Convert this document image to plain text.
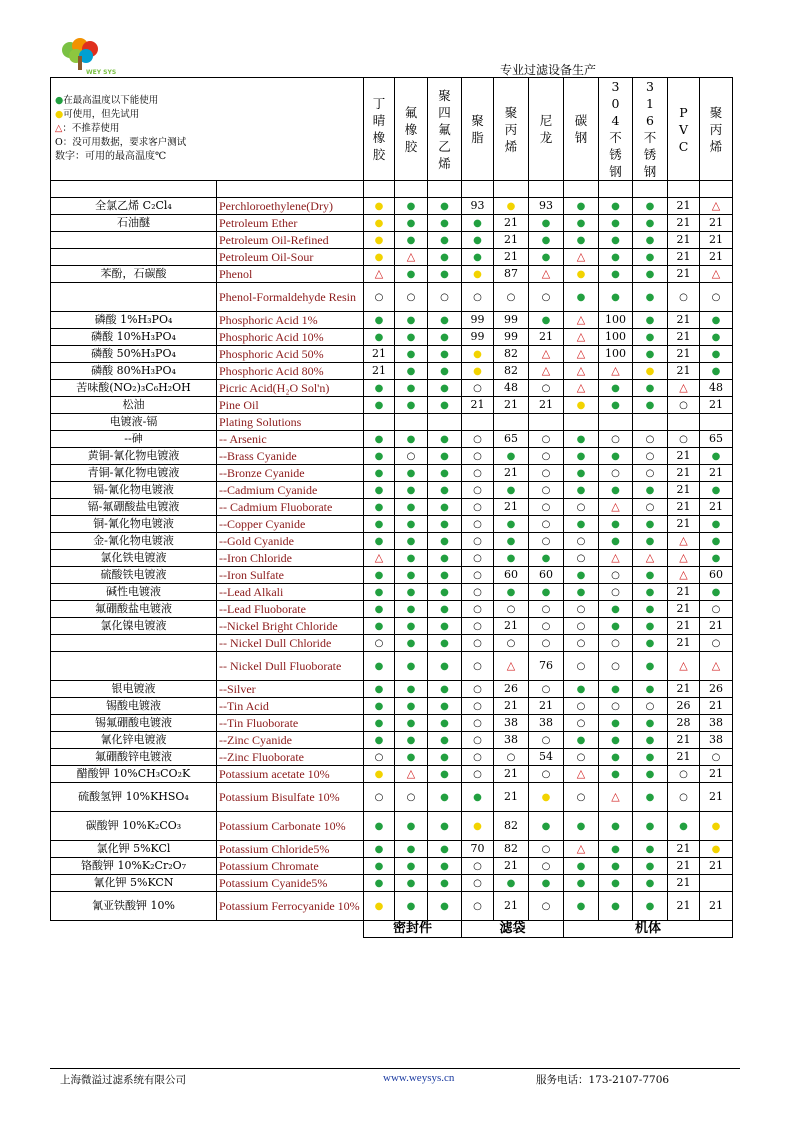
WEY SYS	专业过滤设备生产
●在最高温度以下能使用
●可使用，但先试用
△：不推荐使用
O：没可用数据，要求客户测试
数字：可用的最高温度℃		丁晴橡胶	氟橡胶	聚四氟乙烯	聚脂	聚丙烯	尼龙	碳钢	304不锈钢	316不锈钢	PVC	聚丙烯

全氯乙烯 C₂Cl₄	Perchloroethylene(Dry)	●	●	●	93	●	93	●	●	●	21	△
石油醚	Petroleum Ether	●	●	●	●	21	●	●	●	●	21	21
	Petroleum Oil-Refined	●	●	●	●	21	●	●	●	●	21	21
	Petroleum Oil-Sour	●	△	●	●	21	●	△	●	●	21	21
苯酚，石碳酸	Phenol	△	●	●	●	87	△	●	●	●	21	△
	Phenol-Formaldehyde Resin	○	○	○	○	○	○	●	●	●	○	○
磷酸 1%H₃PO₄	Phosphoric Acid 1%	●	●	●	99	99	●	△	100	●	21	●
磷酸 10%H₃PO₄	Phosphoric Acid 10%	●	●	●	99	99	21	△	100	●	21	●
磷酸 50%H₃PO₄	Phosphoric Acid 50%	21	●	●	●	82	△	△	100	●	21	●
磷酸 80%H₃PO₄	Phosphoric Acid 80%	21	●	●	●	82	△	△	△	●	21	●
苦味酸(NO₂)₃C₆H₂OH	Picric Acid(H₂O Sol'n)	●	●	●	○	48	○	△	●	●	△	48
松油	Pine Oil	●	●	●	21	21	21	●	●	●	○	21
电镀液-镉	Plating Solutions											
--砷	-- Arsenic	●	●	●	○	65	○	●	○	○	○	65
黄铜-氰化物电镀液	--Brass Cyanide	●	○	●	○	●	○	●	●	○	21	●
青铜-氰化物电镀液	--Bronze Cyanide	●	●	●	○	21	○	●	○	○	21	21
镉-氰化物电镀液	--Cadmium Cyanide	●	●	●	○	●	○	●	●	●	21	●
镉-氟硼酸盐电镀液	-- Cadmium Fluoborate	●	●	●	○	21	○	○	△	○	21	21
铜-氰化物电镀液	--Copper Cyanide	●	●	●	○	●	○	●	●	●	21	●
金-氰化物电镀液	--Gold Cyanide	●	●	●	○	●	○	○	●	●	△	●
氯化铁电镀液	--Iron Chloride	△	●	●	○	●	●	○	△	△	△	●
硫酸铁电镀液	--Iron Sulfate	●	●	●	○	60	60	●	○	●	△	60
碱性电镀液	--Lead Alkali	●	●	●	○	●	●	●	○	●	21	●
氟硼酸盐电镀液	--Lead Fluoborate	●	●	●	○	○	○	○	●	●	21	○
氯化镍电镀液	--Nickel Bright Chloride	●	●	●	○	21	○	○	●	●	21	21
	-- Nickel Dull Chloride	○	●	●	○	○	○	○	○	●	21	○
	-- Nickel Dull Fluoborate	●	●	●	○	△	76	○	○	●	△	△
银电镀液	--Silver	●	●	●	○	26	○	●	●	●	21	26
锡酸电镀液	--Tin Acid	●	●	●	○	21	21	○	○	○	26	21
锡氟硼酸电镀液	--Tin Fluoborate	●	●	●	○	38	38	○	●	●	28	38
氰化锌电镀液	--Zinc Cyanide	●	●	●	○	38	○	●	●	●	21	38
氟硼酸锌电镀液	--Zinc Fluoborate	○	●	●	○	○	54	○	●	●	21	○
醋酸钾 10%CH₃CO₂K	Potassium acetate 10%	●	△	●	○	21	○	△	●	●	○	21
硫酸氢钾 10%KHSO₄	Potassium Bisulfate 10%	○	○	●	●	21	●	○	△	●	○	21
碳酸钾 10%K₂CO₃	Potassium Carbonate 10%	●	●	●	●	82	●	●	●	●	●	●
氯化钾 5%KCl	Potassium Chloride5%	●	●	●	70	82	○	△	●	●	21	●
铬酸钾 10%K₂Cr₂O₇	Potassium Chromate	●	●	●	○	21	○	●	●	●	21	21
氰化钾 5%KCN	Potassium Cyanide5%	●	●	●	○	●	●	●	●	●	21	
氰亚铁酸钾 10%	Potassium Ferrocyanide 10%	●	●	●	○	21	○	●	●	●	21	21
		密封件			滤袋			机体				
上海微溢过滤系统有限公司	www.weysys.cn	服务电话：173-2107-7706
